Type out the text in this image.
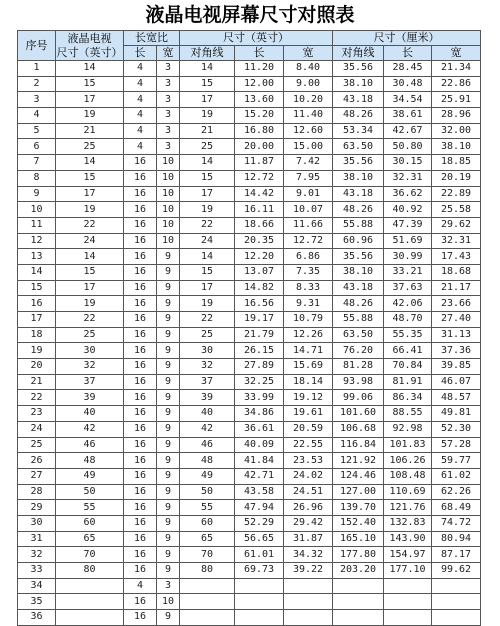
液晶电视屏幕尺寸对照表
序号	液晶电视
尺寸（英寸）	长宽比		尺寸（英寸）			尺寸（厘米）		
		长	宽	对角线	长	宽	对角线	长	宽
1	14	4	3	14	11.20	8.40	35.56	28.45	21.34
2	15	4	3	15	12.00	9.00	38.10	30.48	22.86
3	17	4	3	17	13.60	10.20	43.18	34.54	25.91
4	19	4	3	19	15.20	11.40	48.26	38.61	28.96
5	21	4	3	21	16.80	12.60	53.34	42.67	32.00
6	25	4	3	25	20.00	15.00	63.50	50.80	38.10
7	14	16	10	14	11.87	7.42	35.56	30.15	18.85
8	15	16	10	15	12.72	7.95	38.10	32.31	20.19
9	17	16	10	17	14.42	9.01	43.18	36.62	22.89
10	19	16	10	19	16.11	10.07	48.26	40.92	25.58
11	22	16	10	22	18.66	11.66	55.88	47.39	29.62
12	24	16	10	24	20.35	12.72	60.96	51.69	32.31
13	14	16	9	14	12.20	6.86	35.56	30.99	17.43
14	15	16	9	15	13.07	7.35	38.10	33.21	18.68
15	17	16	9	17	14.82	8.33	43.18	37.63	21.17
16	19	16	9	19	16.56	9.31	48.26	42.06	23.66
17	22	16	9	22	19.17	10.79	55.88	48.70	27.40
18	25	16	9	25	21.79	12.26	63.50	55.35	31.13
19	30	16	9	30	26.15	14.71	76.20	66.41	37.36
20	32	16	9	32	27.89	15.69	81.28	70.84	39.85
21	37	16	9	37	32.25	18.14	93.98	81.91	46.07
22	39	16	9	39	33.99	19.12	99.06	86.34	48.57
23	40	16	9	40	34.86	19.61	101.60	88.55	49.81
24	42	16	9	42	36.61	20.59	106.68	92.98	52.30
25	46	16	9	46	40.09	22.55	116.84	101.83	57.28
26	48	16	9	48	41.84	23.53	121.92	106.26	59.77
27	49	16	9	49	42.71	24.02	124.46	108.48	61.02
28	50	16	9	50	43.58	24.51	127.00	110.69	62.26
29	55	16	9	55	47.94	26.96	139.70	121.76	68.49
30	60	16	9	60	52.29	29.42	152.40	132.83	74.72
31	65	16	9	65	56.65	31.87	165.10	143.90	80.94
32	70	16	9	70	61.01	34.32	177.80	154.97	87.17
33	80	16	9	80	69.73	39.22	203.20	177.10	99.62
34		4	3						
35		16	10						
36		16	9						
